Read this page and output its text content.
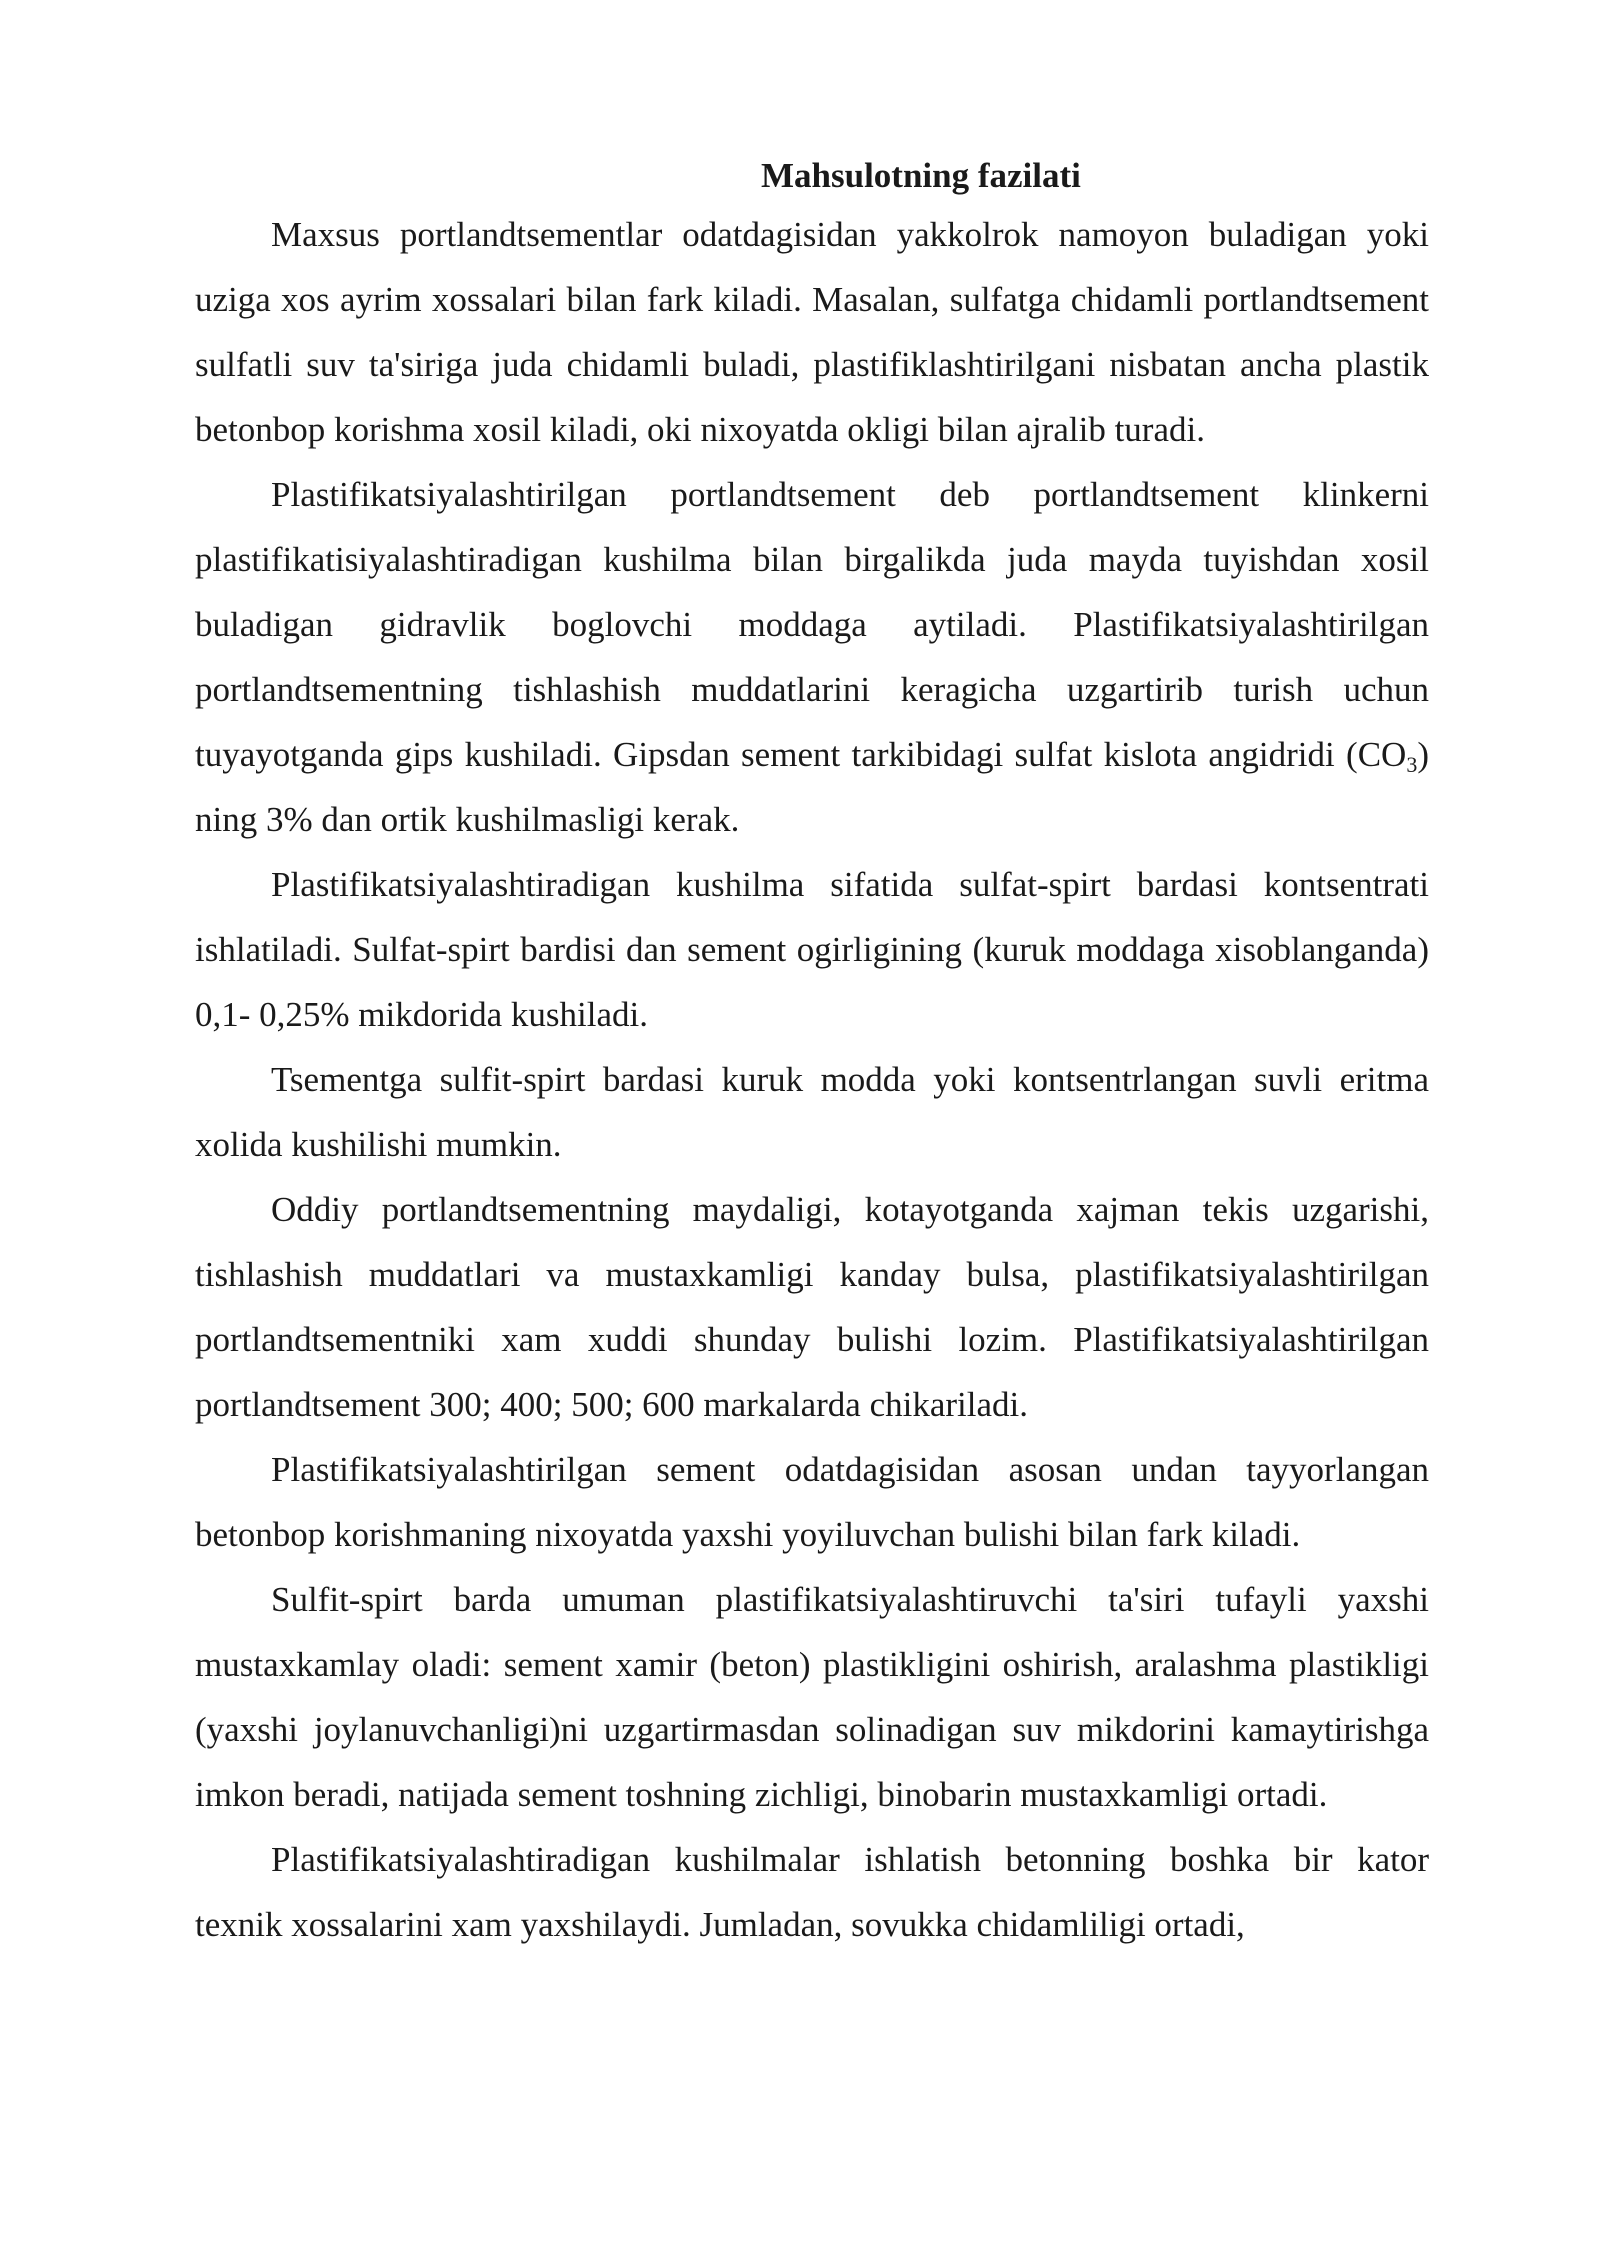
Mahsulotning fazilati

Maxsus portlandtsementlar odatdagisidan yakkolrok namoyon buladigan yoki uziga xos ayrim xossalari bilan fark kiladi. Masalan, sulfatga chidamli portlandtsement sulfatli suv ta'siriga juda chidamli buladi, plastifiklashtirilgani nisbatan ancha plastik betonbop korishma xosil kiladi, oki nixoyatda okligi bilan ajralib turadi.

Plastifikatsiyalashtirilgan portlandtsement deb portlandtsement klinkerni plastifikatisiyalashtiradigan kushilma bilan birgalikda juda mayda tuyishdan xosil buladigan gidravlik boglovchi moddaga aytiladi. Plastifikatsiyalashtirilgan portlandtsementning tishlashish muddatlarini keragicha uzgartirib turish uchun tuyayotganda gips kushiladi. Gipsdan sement tarkibidagi sulfat kislota angidridi $(CO_3)$ ning 3% dan ortik kushilmasligi kerak.

Plastifikatsiyalashtiradigan kushilma sifatida sulfat-spirt bardasi kontsentrati ishlatiladi. Sulfat-spirt bardisi dan sement ogirligining (kuruk moddaga xisoblanganda) 0,1- 0,25% mikdorida kushiladi.

Tsementga sulfit-spirt bardasi kuruk modda yoki kontsentrlangan suvli eritma xolida kushilishi mumkin.

Oddiy portlandtsementning maydaligi, kotayotganda xajman tekis uzgarishi, tishlashish muddatlari va mustaxkamligi kanday bulsa, plastifikatsiyalashtirilgan portlandtsementniki xam xuddi shunday bulishi lozim. Plastifikatsiyalashtirilgan portlandtsement 300; 400; 500; 600 markalarda chikariladi.

Plastifikatsiyalashtirilgan sement odatdagisidan asosan undan tayyorlangan betonbop korishmaning nixoyatda yaxshi yoyiluvchan bulishi bilan fark kiladi.

Sulfit-spirt barda umuman plastifikatsiyalashtiruvchi ta'siri tufayli yaxshi mustaxkamlay oladi: sement xamir (beton) plastikligini oshirish, aralashma plastikligi (yaxshi joylanuvchanligi)ni uzgartirmasdan solinadigan suv mikdorini kamaytirishga imkon beradi, natijada sement toshning zichligi, binobarin mustaxkamligi ortadi.

Plastifikatsiyalashtiradigan kushilmalar ishlatish betonning boshka bir kator texnik xossalarini xam yaxshilaydi. Jumladan, sovukka chidamliligi ortadi,
